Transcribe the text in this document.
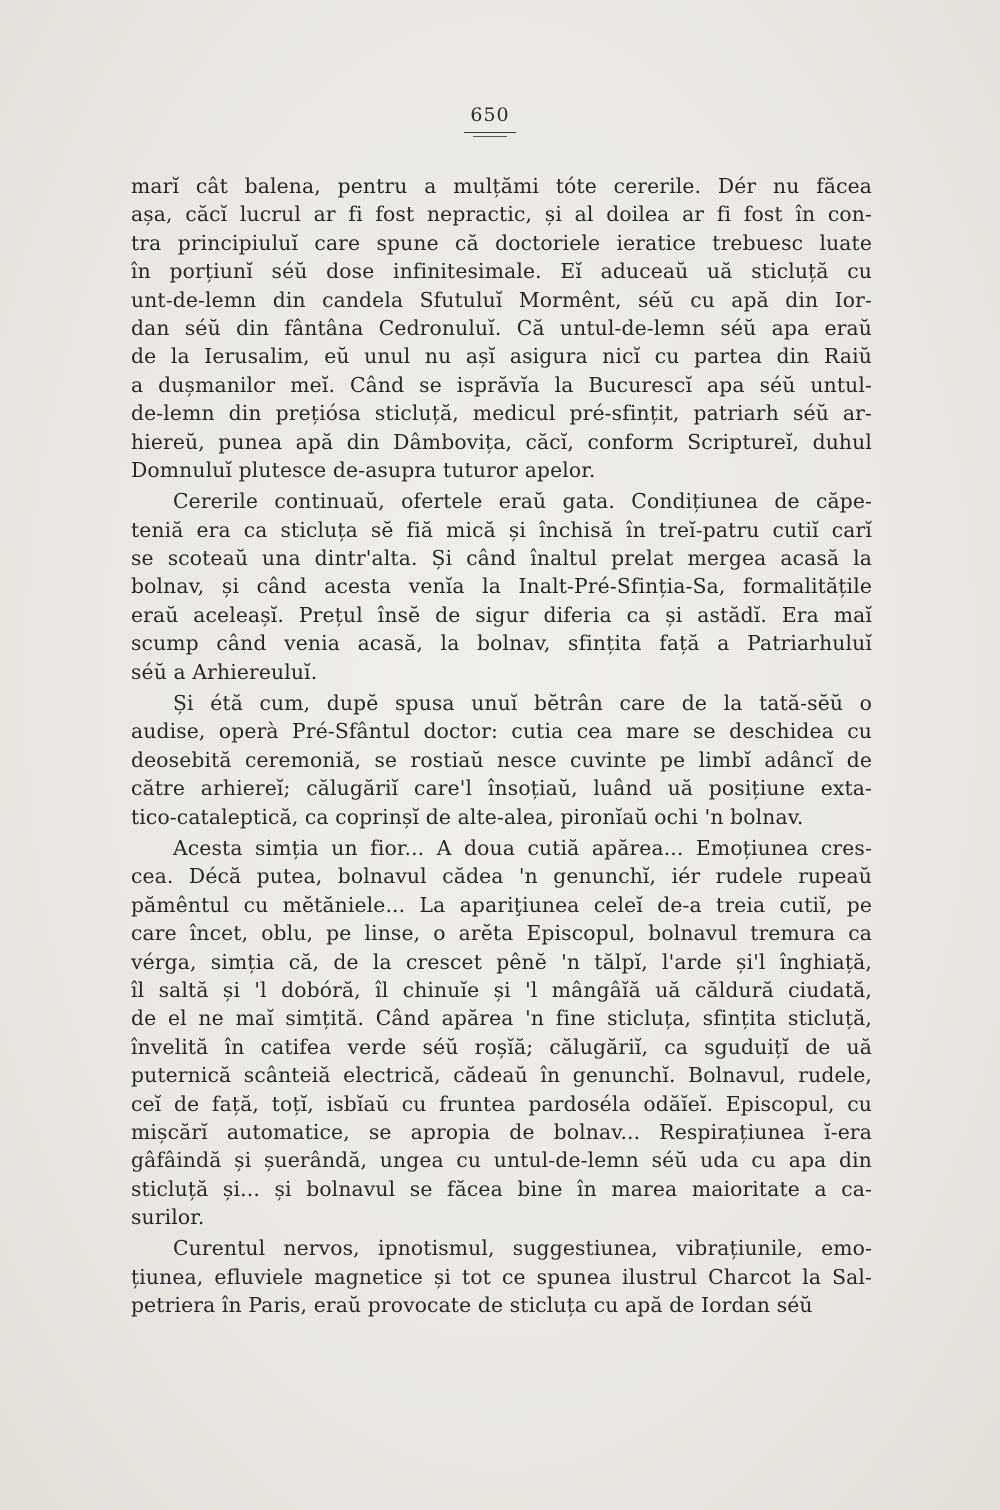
650
marĭ cât balena, pentru a mulțămi tóte cererile. Dér nu făcea
așa, căcĭ lucrul ar fi fost nepractic, și al doilea ar fi fost în con-
tra principiuluĭ care spune că doctoriele ieratice trebuesc luate
în porțiunĭ séŭ dose infinitesimale. Eĭ aduceaŭ uă sticluță cu
unt-de-lemn din candela Sfutuluĭ Mormênt, séŭ cu apă din Ior-
dan séŭ din fântâna Cedronuluĭ. Că untul-de-lemn séŭ apa eraŭ
de la Ierusalim, eŭ unul nu așĭ asigura nicĭ cu partea din Raiŭ
a dușmanilor meĭ. Când se isprăvĭa la Bucurescĭ apa séŭ untul-
de-lemn din prețiósa sticluță, medicul pré-sfințit, patriarh séŭ ar-
hiereŭ, punea apă din Dâmbovița, căcĭ, conform Scripturеĭ, duhul
Domnuluĭ plutesce de-asupra tuturor apelor.
Cererile continuaŭ, ofertele eraŭ gata. Condițiunea de căpe-
teniă era ca sticluța sĕ fiă mică și închisă în treĭ-patru cutiĭ carĭ
se scoteaŭ una dintr'alta. Și când înaltul prelat mergea acasă la
bolnav, și când acesta venĭa la Inalt-Pré-Sfinția-Sa, formalitățile
eraŭ aceleașĭ. Prețul însĕ de sigur diferia ca și astădĭ. Era maĭ
scump când venia acasă, la bolnav, sfințita față a Patriarhuluĭ
séŭ a Arhiereuluĭ.
Și étă cum, dupĕ spusa unuĭ bĕtrân care de la tată-sĕŭ o
audise, operà Pré-Sfântul doctor: cutia cea mare se deschidea cu
deosebită ceremoniă, se rostiaŭ nesce cuvinte pe limbĭ adâncĭ de
către arhiereĭ; călugăriĭ care'l însoțiaŭ, luând uă posițiune exta-
tico-cataleptică, ca coprinșĭ de alte-alea, pironĭaŭ ochi 'n bolnav.
Acesta simția un fior... A doua cutiă apărea... Emoțiunea cres-
cea. Décă putea, bolnavul cădea 'n genunchĭ, iér rudele rupeaŭ
pămêntul cu mĕtăniele... La apariţiunea celeĭ de-a treia cutiĭ, pe
care încet, oblu, pe linse, o arĕta Episcopul, bolnavul tremura ca
vérga, simția că, de la crescet pênĕ 'n tălpĭ, l'arde și'l înghiață,
îl saltă și 'l dobóră, îl chinuĭe și 'l mângâĭă uă căldură ciudată,
de el ne maĭ simțită. Când apărea 'n fine sticluța, sfințita sticluță,
învelită în catifea verde séŭ roșĭă; călugăriĭ, ca sguduițĭ de uă
puternică scânteiă electrică, cădeaŭ în genunchĭ. Bolnavul, rudele,
ceĭ de față, toțĭ, isbĭaŭ cu fruntea pardoséla odăĭeĭ. Episcopul, cu
mișcărĭ automatice, se apropia de bolnav... Respirațiunea ĭ-era
gâfâindă și șuerândă, ungea cu untul-de-lemn séŭ uda cu apa din
sticluță și... și bolnavul se făcea bine în marea maioritate a ca-
surilor.
Curentul nervos, ipnotismul, suggestiunea, vibrațiunile, emo-
țiunea, efluviele magnetice și tot ce spunea ilustrul Charcot la Sal-
petriera în Paris, eraŭ provocate de sticluța cu apă de Iordan séŭ
